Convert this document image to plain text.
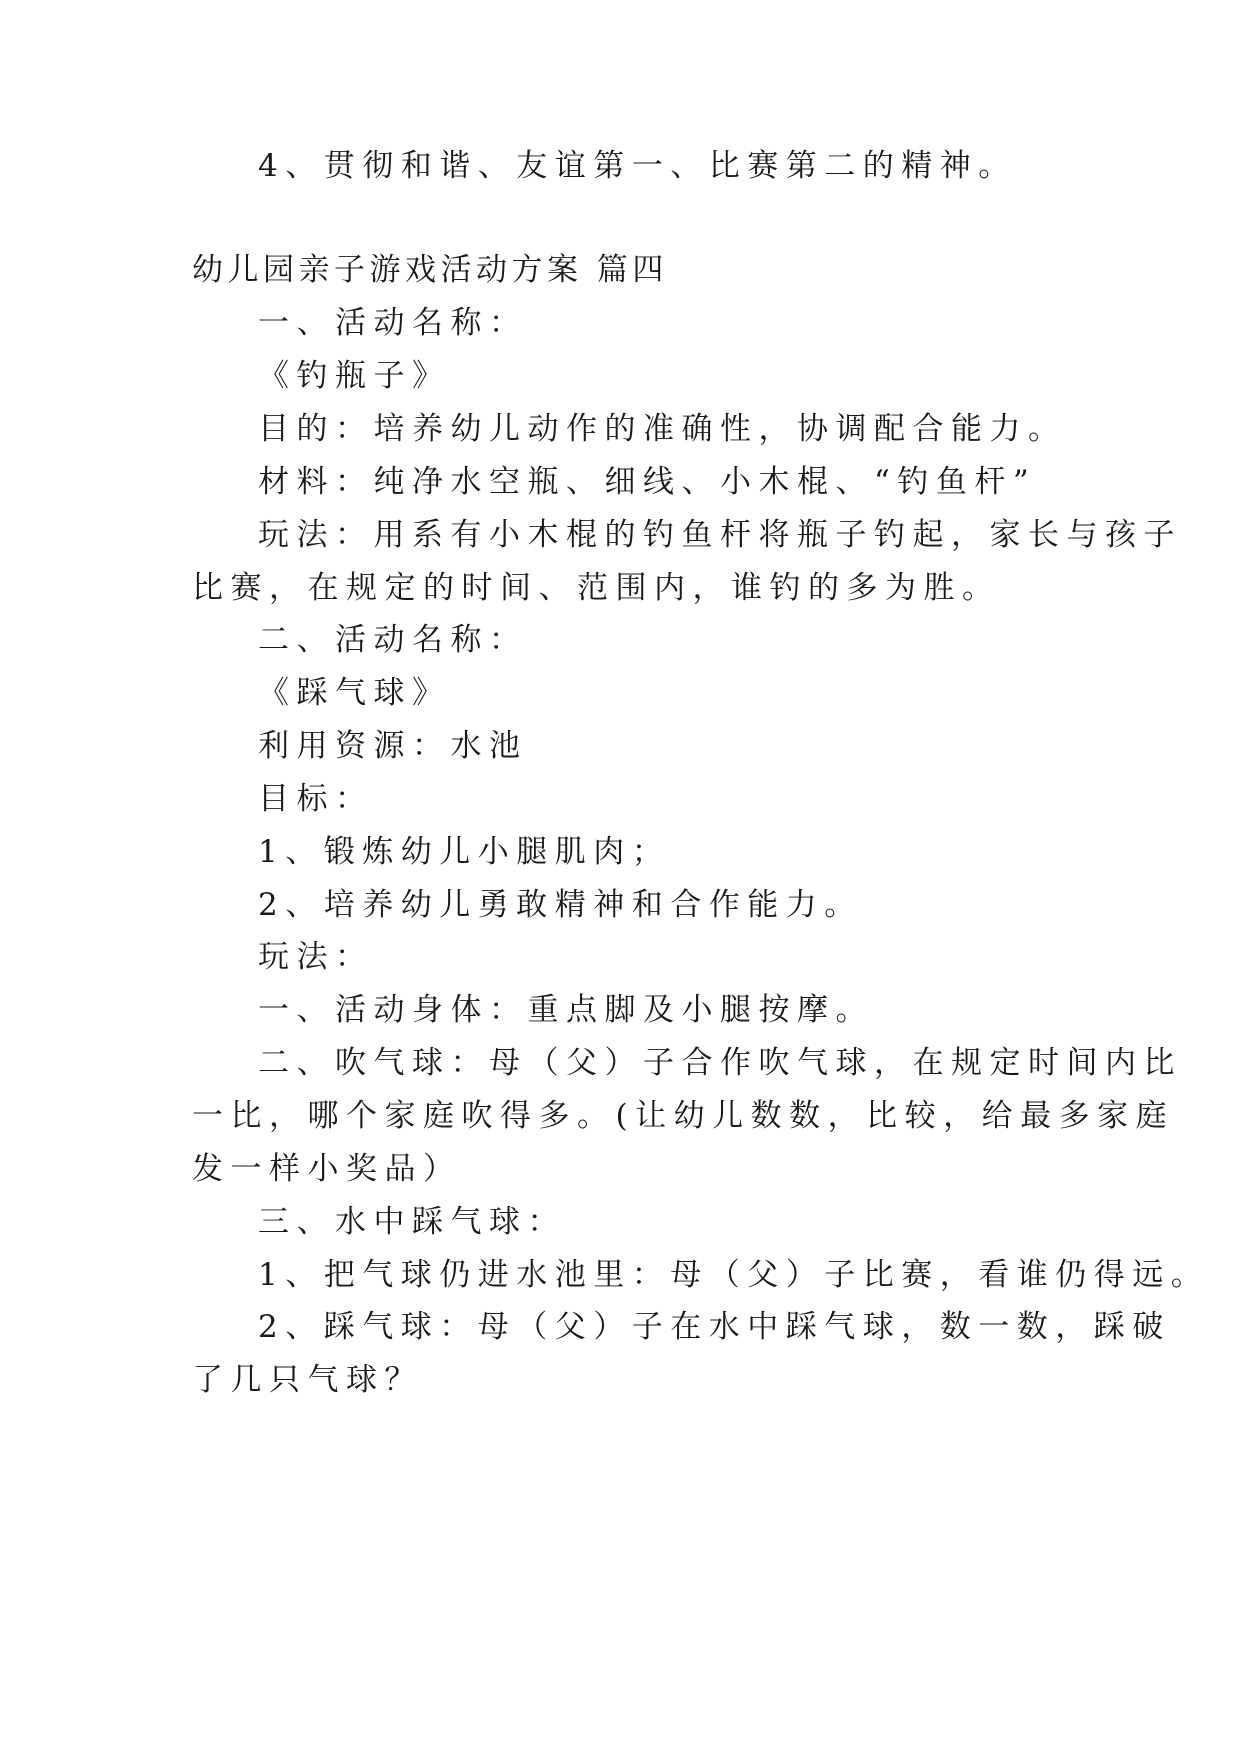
4、贯彻和谐、友谊第一、比赛第二的精神。
幼儿园亲子游戏活动方案 篇四
一、活动名称：
《钓瓶子》
目的：培养幼儿动作的准确性，协调配合能力。
材料：纯净水空瓶、细线、小木棍、“钓鱼杆”
玩法：用系有小木棍的钓鱼杆将瓶子钓起，家长与孩子
比赛，在规定的时间、范围内，谁钓的多为胜。
二、活动名称：
《踩气球》
利用资源：水池
目标：
1、锻炼幼儿小腿肌肉；
2、培养幼儿勇敢精神和合作能力。
玩法：
一、活动身体：重点脚及小腿按摩。
二、吹气球：母（父）子合作吹气球，在规定时间内比
一比，哪个家庭吹得多。(让幼儿数数，比较，给最多家庭
发一样小奖品）
三、水中踩气球：
1、把气球仍进水池里：母（父）子比赛，看谁仍得远。
2、踩气球：母（父）子在水中踩气球，数一数，踩破
了几只气球？
